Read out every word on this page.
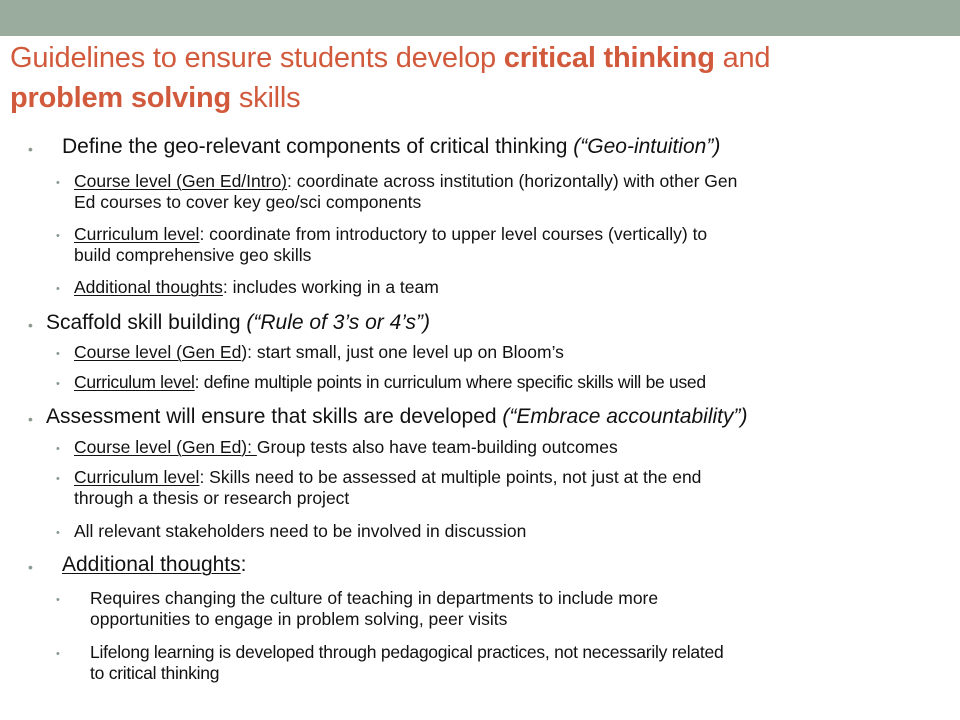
Guidelines to ensure students develop critical thinking and
problem solving skills
• Define the geo-relevant components of critical thinking (“Geo-intuition”)
• Course level (Gen Ed/Intro): coordinate across institution (horizontally) with other Gen
Ed courses to cover key geo/sci components
• Curriculum level: coordinate from introductory to upper level courses (vertically) to
build comprehensive geo skills
• Additional thoughts: includes working in a team
• Scaffold skill building (“Rule of 3’s or 4’s”)
• Course level (Gen Ed): start small, just one level up on Bloom’s
• Curriculum level: define multiple points in curriculum where specific skills will be used
• Assessment will ensure that skills are developed (“Embrace accountability”)
• Course level (Gen Ed): Group tests also have team-building outcomes
• Curriculum level: Skills need to be assessed at multiple points, not just at the end
through a thesis or research project
• All relevant stakeholders need to be involved in discussion
• Additional thoughts:
• Requires changing the culture of teaching in departments to include more
opportunities to engage in problem solving, peer visits
• Lifelong learning is developed through pedagogical practices, not necessarily related
to critical thinking
